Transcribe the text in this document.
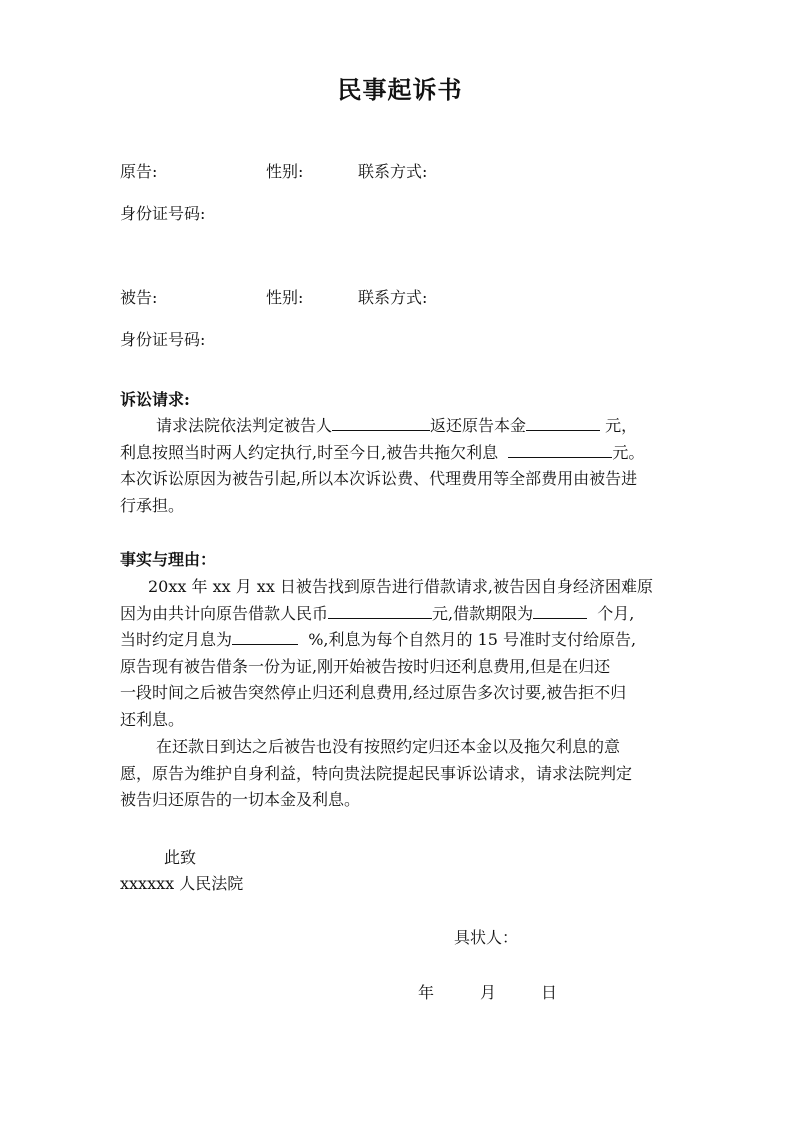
民事起诉书
原告:	性别:	联系方式:
身份证号码:
被告:	性别:	联系方式:
身份证号码:
诉讼请求:
请求法院依法判定被告人	返还原告本金	元，
利息按照当时两人约定执行,时至今日,被告共拖欠利息	元。
本次诉讼原因为被告引起,所以本次诉讼费、代理费用等全部费用由被告进
行承担。
事实与理由：
20xx 年 xx 月 xx 日被告找到原告进行借款请求,被告因自身经济困难原
因为由共计向原告借款人民币	元,借款期限为	个月,
当时约定月息为	%,利息为每个自然月的 15 号准时支付给原告,
原告现有被告借条一份为证,刚开始被告按时归还利息费用,但是在归还
一段时间之后被告突然停止归还利息费用,经过原告多次讨要,被告拒不归
还利息。
在还款日到达之后被告也没有按照约定归还本金以及拖欠利息的意
愿，原告为维护自身利益，特向贵法院提起民事诉讼请求，请求法院判定
被告归还原告的一切本金及利息。

此致

xxxxxx 人民法院

具状人：

年	月	日
